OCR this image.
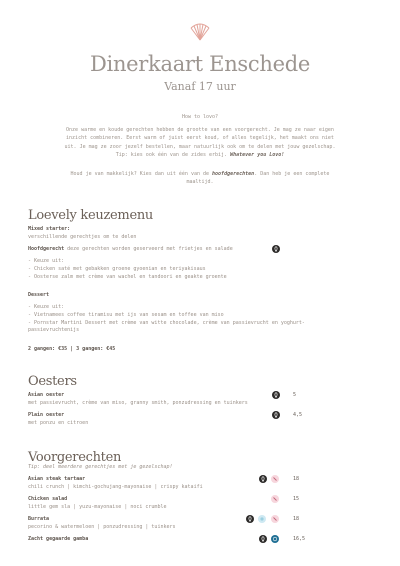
Dinerkaart Enschede
Vanaf 17 uur
How to lovo?
Onze warme en koude gerechten hebben de grootte van een voorgerecht. Je mag ze naar eigen inzicht combineren. Eerst warm of juist eerst koud, of alles tegelijk, het maakt ons niet uit. Je mag ze zoor jezelf bestellen, maar natuurlijk ook om te delen met jouw gezelschap. Tip: kies ook één van de zides erbij. Whatever you Lovo!
Houd je van makkelijk? Kies dan uit één van de hoofdgerechten. Dan heb je een complete maaltijd.
Loevely keuzemenu
Mixed starter:
verschillende gerechtjes om te delen
Hoofdgerecht deze gerechten worden geserveerd met frietjes en salade
- Keuze uit:
- Chicken saté met gebakken groene gyoenian en teriyakisaus
- Oosterse zalm met crème van wachel en tandoori en geakte groente
Dessert
- Keuze uit:
- Vietnamees coffee tiramisu met ijs van sesam en toffee van miso
- Pornstar Martini Dessert met crème van witte chocolade, crème van passievrucht en yoghurt-passievruchtenijs
2 gangen: €35 | 3 gangen: €45
Oesters
Asian oester
met passievrucht, crème van miso, granny smith, ponzudressing en tuinkers
5
Plain oester
met ponzu en citroen
4,5
Voorgerechten
Tip: deel meerdere gerechtjes met je gezelschap!
Asian steak tartaar
chili crunch | kimchi-gochujang-mayonaise | crispy kataifi
18
Chicken salad
little gem sla | yuzu-mayonaise | noci crumble
15
Burrata
pecorino & watermeloen | ponzudressing | tuinkers
18
Zacht gegaarde gamba	16,5
